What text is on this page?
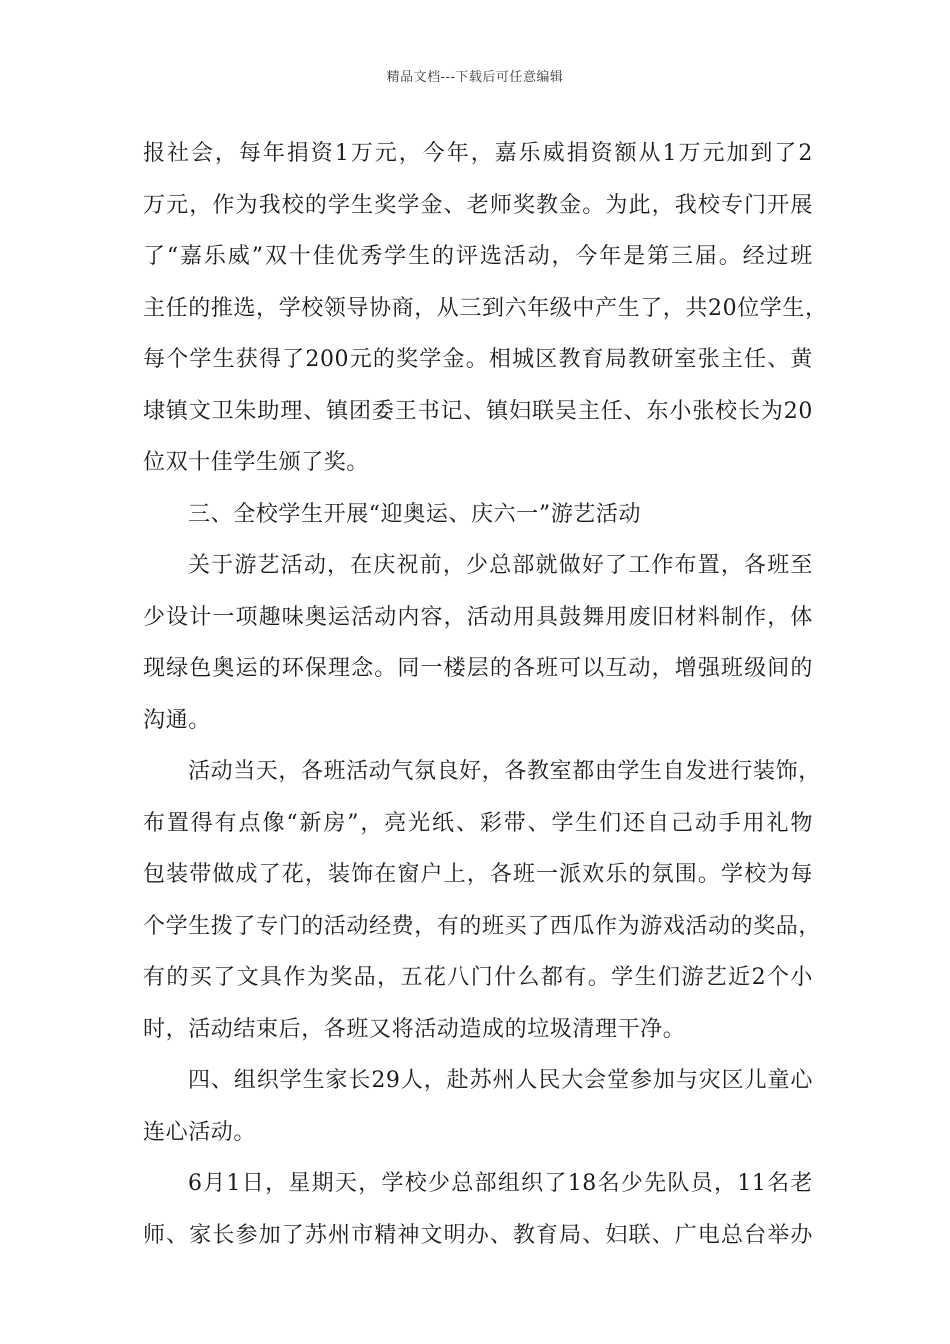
精品文档---下载后可任意编辑
报社会，每年捐资1万元，今年，嘉乐威捐资额从1万元加到了2
万元，作为我校的学生奖学金、老师奖教金。为此，我校专门开展
了“嘉乐威”双十佳优秀学生的评选活动，今年是第三届。经过班
主任的推选，学校领导协商，从三到六年级中产生了，共20位学生，
每个学生获得了200元的奖学金。相城区教育局教研室张主任、黄
埭镇文卫朱助理、镇团委王书记、镇妇联吴主任、东小张校长为20
位双十佳学生颁了奖。
三、全校学生开展“迎奥运、庆六一”游艺活动
关于游艺活动，在庆祝前，少总部就做好了工作布置，各班至
少设计一项趣味奥运活动内容，活动用具鼓舞用废旧材料制作，体
现绿色奥运的环保理念。同一楼层的各班可以互动，增强班级间的
沟通。
活动当天，各班活动气氛良好，各教室都由学生自发进行装饰，
布置得有点像“新房”，亮光纸、彩带、学生们还自己动手用礼物
包装带做成了花，装饰在窗户上，各班一派欢乐的氛围。学校为每
个学生拨了专门的活动经费，有的班买了西瓜作为游戏活动的奖品，
有的买了文具作为奖品，五花八门什么都有。学生们游艺近2个小
时，活动结束后，各班又将活动造成的垃圾清理干净。
四、组织学生家长29人，赴苏州人民大会堂参加与灾区儿童心
连心活动。
6月1日，星期天，学校少总部组织了18名少先队员，11名老
师、家长参加了苏州市精神文明办、教育局、妇联、广电总台举办
